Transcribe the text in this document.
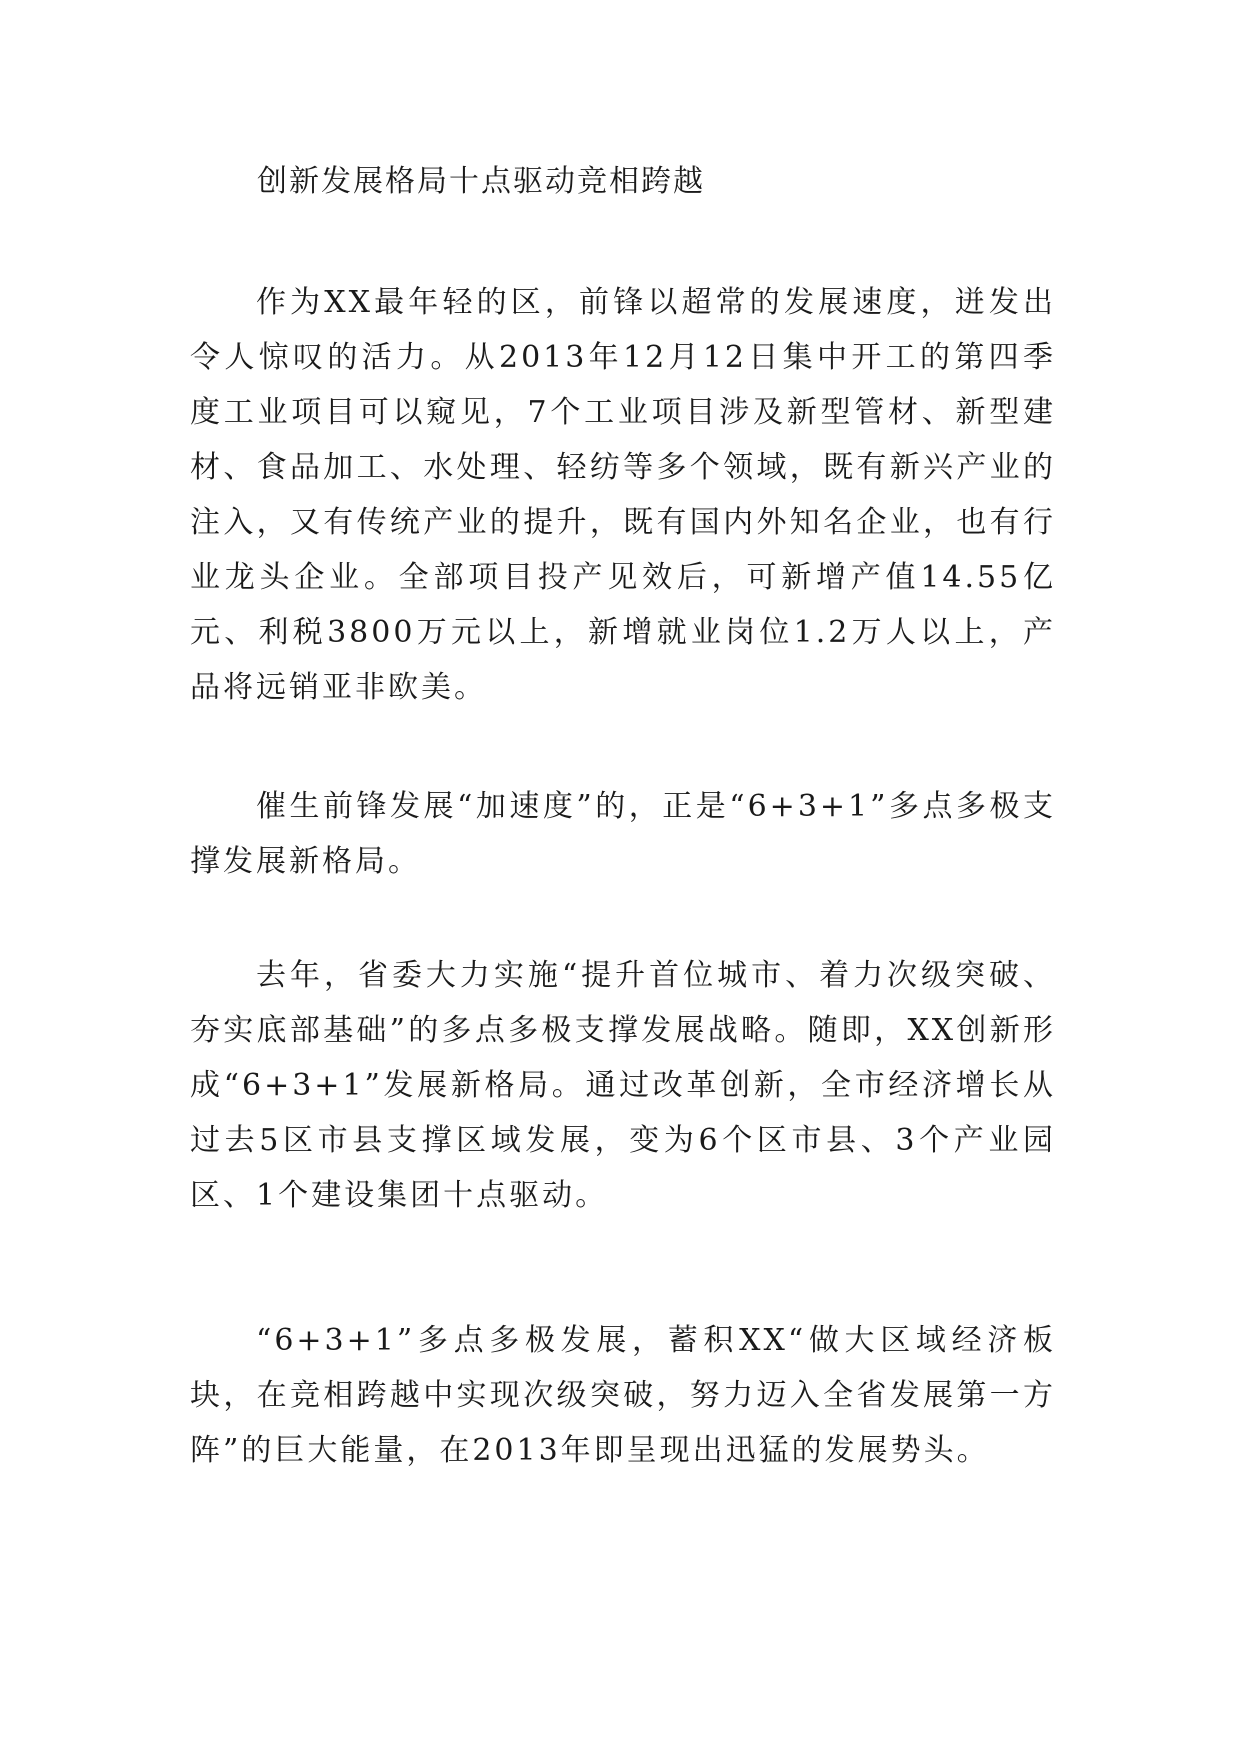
创新发展格局十点驱动竞相跨越

作为XX最年轻的区，前锋以超常的发展速度，迸发出令人惊叹的活力。从2013年12月12日集中开工的第四季度工业项目可以窥见，7个工业项目涉及新型管材、新型建材、食品加工、水处理、轻纺等多个领域，既有新兴产业的注入，又有传统产业的提升，既有国内外知名企业，也有行业龙头企业。全部项目投产见效后，可新增产值14.55亿元、利税3800万元以上，新增就业岗位1.2万人以上，产品将远销亚非欧美。

催生前锋发展“加速度”的，正是“6+3+1”多点多极支撑发展新格局。

去年，省委大力实施“提升首位城市、着力次级突破、夯实底部基础”的多点多极支撑发展战略。随即，XX创新形成“6+3+1”发展新格局。通过改革创新，全市经济增长从过去5区市县支撑区域发展，变为6个区市县、3个产业园区、1个建设集团十点驱动。

“6+3+1”多点多极发展，蓄积XX“做大区域经济板块，在竞相跨越中实现次级突破，努力迈入全省发展第一方阵”的巨大能量，在2013年即呈现出迅猛的发展势头。
